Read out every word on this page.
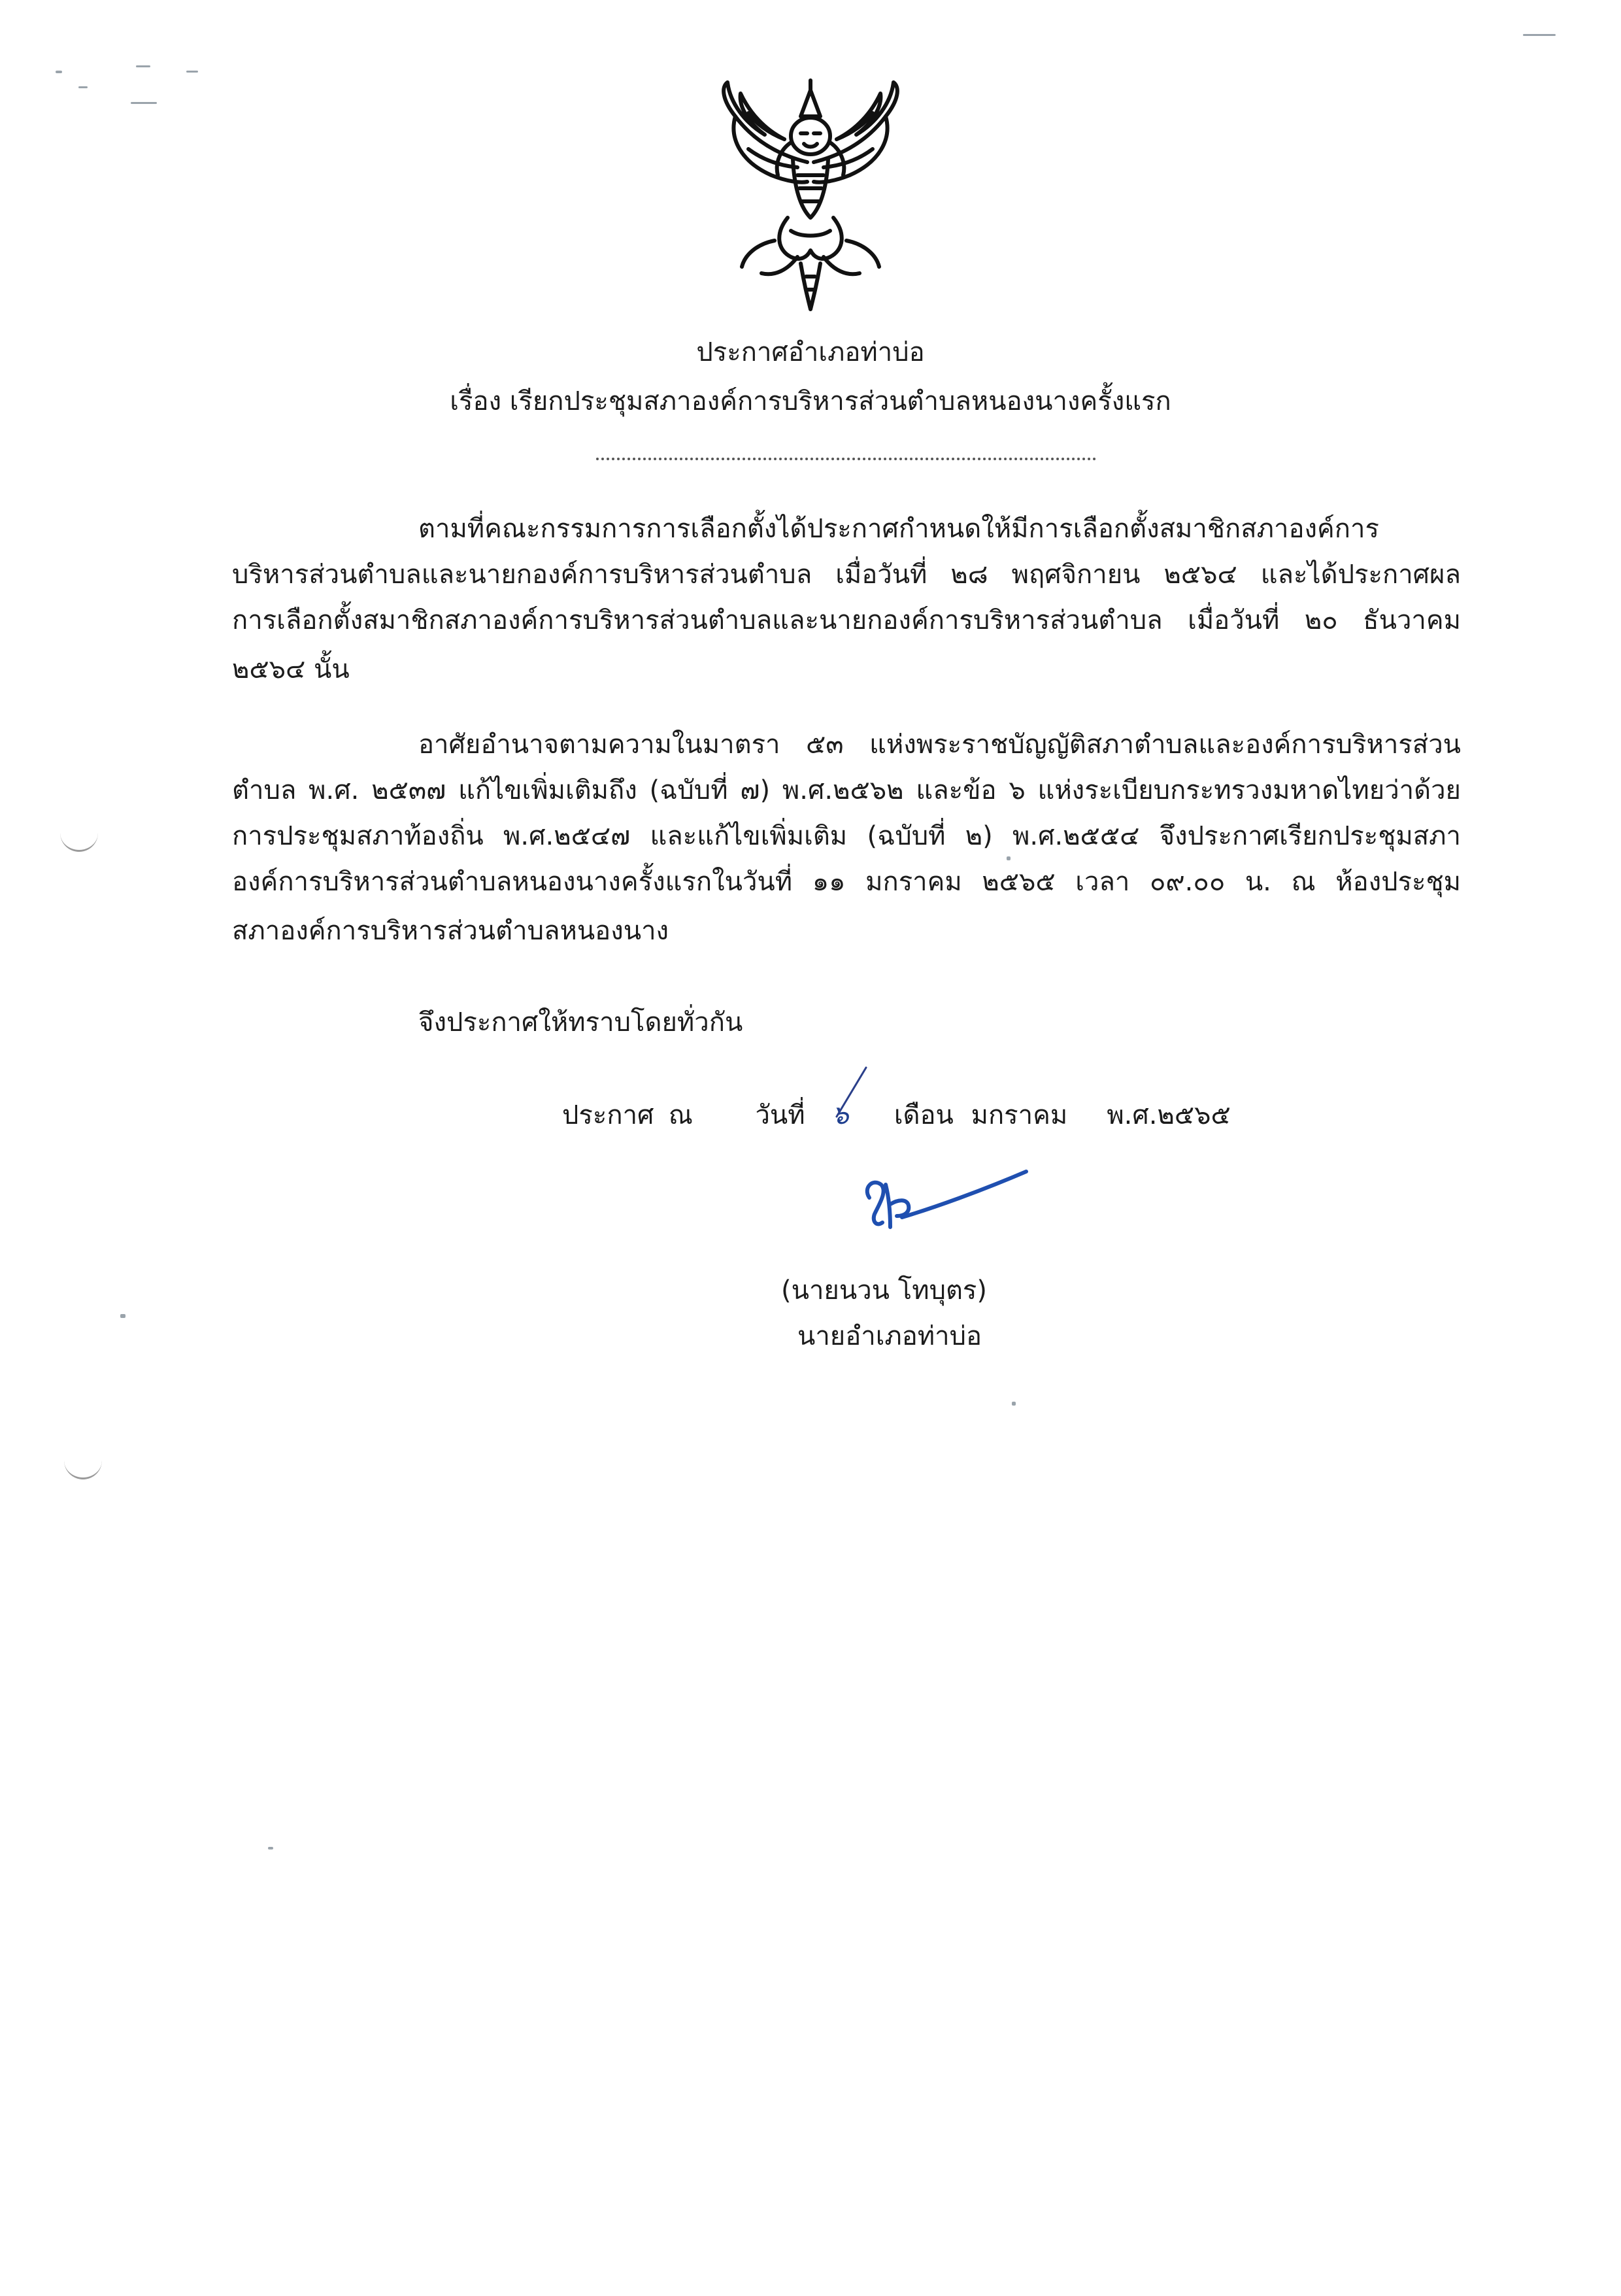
ประกาศอำเภอท่าบ่อ
เรื่อง เรียกประชุมสภาองค์การบริหารส่วนตำบลหนองนางครั้งแรก
ตามที่คณะกรรมการการเลือกตั้งได้ประกาศกำหนดให้มีการเลือกตั้งสมาชิกสภาองค์การ
บริหารส่วนตำบลและนายกองค์การบริหารส่วนตำบล เมื่อวันที่ ๒๘ พฤศจิกายน ๒๕๖๔ และได้ประกาศผล
การเลือกตั้งสมาชิกสภาองค์การบริหารส่วนตำบลและนายกองค์การบริหารส่วนตำบล เมื่อวันที่ ๒๐ ธันวาคม
๒๕๖๔ นั้น
อาศัยอำนาจตามความในมาตรา ๕๓ แห่งพระราชบัญญัติสภาตำบลและองค์การบริหารส่วน
ตำบล พ.ศ. ๒๕๓๗ แก้ไขเพิ่มเติมถึง (ฉบับที่ ๗) พ.ศ.๒๕๖๒ และข้อ ๖ แห่งระเบียบกระทรวงมหาดไทยว่าด้วย
การประชุมสภาท้องถิ่น พ.ศ.๒๕๔๗ และแก้ไขเพิ่มเติม (ฉบับที่ ๒) พ.ศ.๒๕๕๔ จึงประกาศเรียกประชุมสภา
องค์การบริหารส่วนตำบลหนองนางครั้งแรกในวันที่ ๑๑ มกราคม ๒๕๖๕ เวลา ๐๙.๐๐ น. ณ ห้องประชุม
สภาองค์การบริหารส่วนตำบลหนองนาง
จึงประกาศให้ทราบโดยทั่วกัน
ประกาศ ณ วันที่ ๖ เดือน มกราคม พ.ศ.๒๕๖๕
(นายนวน โทบุตร)
นายอำเภอท่าบ่อ
